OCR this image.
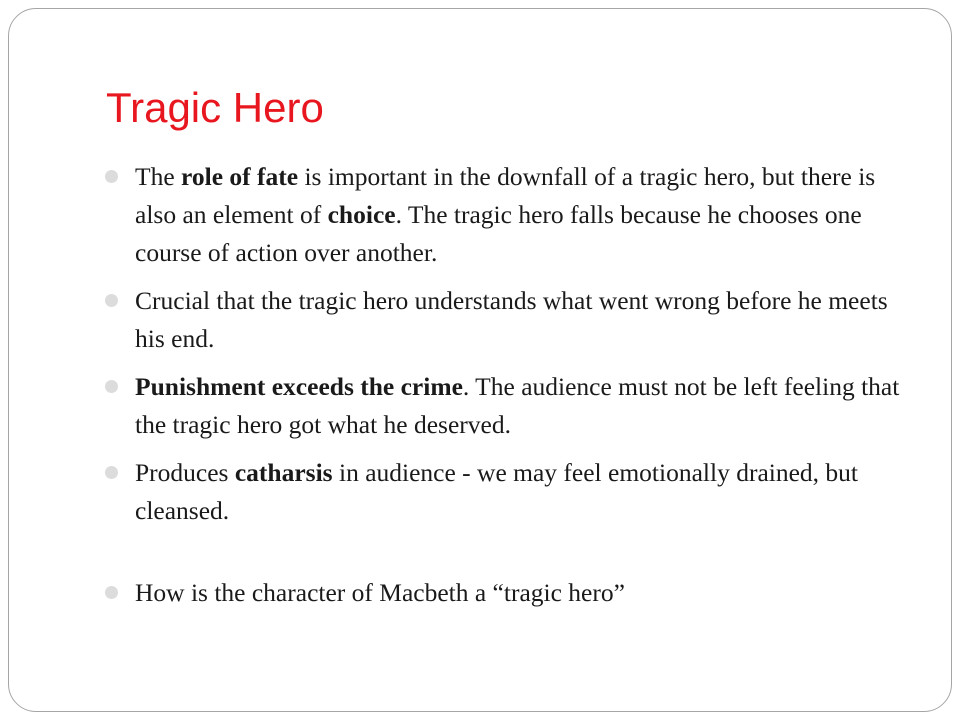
Tragic Hero
The role of fate is important in the downfall of a tragic hero, but there is also an element of choice. The tragic hero falls because he chooses one course of action over another.
Crucial that the tragic hero understands what went wrong before he meets his end.
Punishment exceeds the crime. The audience must not be left feeling that the tragic hero got what he deserved.
Produces catharsis in audience - we may feel emotionally drained, but cleansed.
How is the character of Macbeth a “tragic hero”
